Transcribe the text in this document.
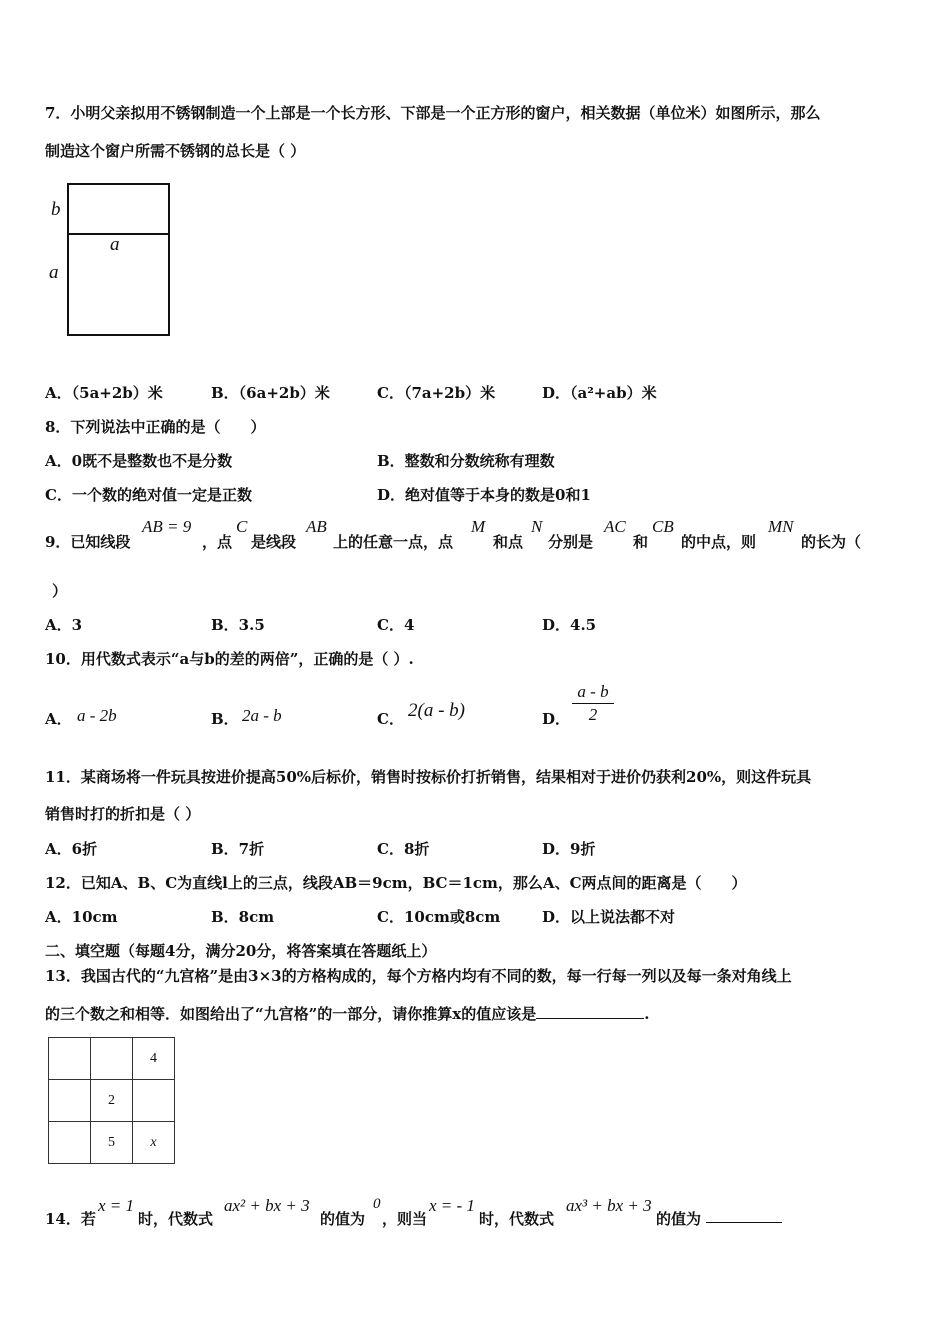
7．小明父亲拟用不锈钢制造一个上部是一个长方形、下部是一个正方形的窗户，相关数据（单位米）如图所示，那么
制造这个窗户所需不锈钢的总长是（ ）
b
a
a
A．（5a+2b）米	B．（6a+2b）米	C．（7a+2b）米	D．（a²+ab）米
8．下列说法中正确的是（　　）
A．0既不是整数也不是分数	B．整数和分数统称有理数
C．一个数的绝对值一定是正数	D．绝对值等于本身的数是0和1
9．已知线段
AB = 9
，点
C
是线段
AB
上的任意一点，点
M
和点
N
分别是
AC
和
CB
的中点，则
MN
的长为（
）
A．3	B．3.5	C．4	D．4.5
10．用代数式表示“a与b的差的两倍”，正确的是（ ）.
A． a - 2b	B． 2a - b	C． 2(a - b)	D．
a - b
2
11．某商场将一件玩具按进价提高50%后标价，销售时按标价打折销售，结果相对于进价仍获利20%，则这件玩具
销售时打的折扣是（ ）
A．6折	B．7折	C．8折	D．9折
12．已知A、B、C为直线l上的三点，线段AB＝9cm，BC＝1cm，那么A、C两点间的距离是（　　）
A．10cm	B．8cm	C．10cm或8cm	D．以上说法都不对
二、填空题（每题4分，满分20分，将答案填在答题纸上）
13．我国古代的“九宫格”是由3×3的方格构成的，每个方格内均有不同的数，每一行每一列以及每一条对角线上
的三个数之和相等．如图给出了“九宫格”的一部分，请你推算x的值应该是	.
		4
	2	
	5	x
14．若
x = 1
时，代数式
ax² + bx + 3
的值为
0
，则当
x = - 1
时，代数式
ax³ + bx + 3
的值为
